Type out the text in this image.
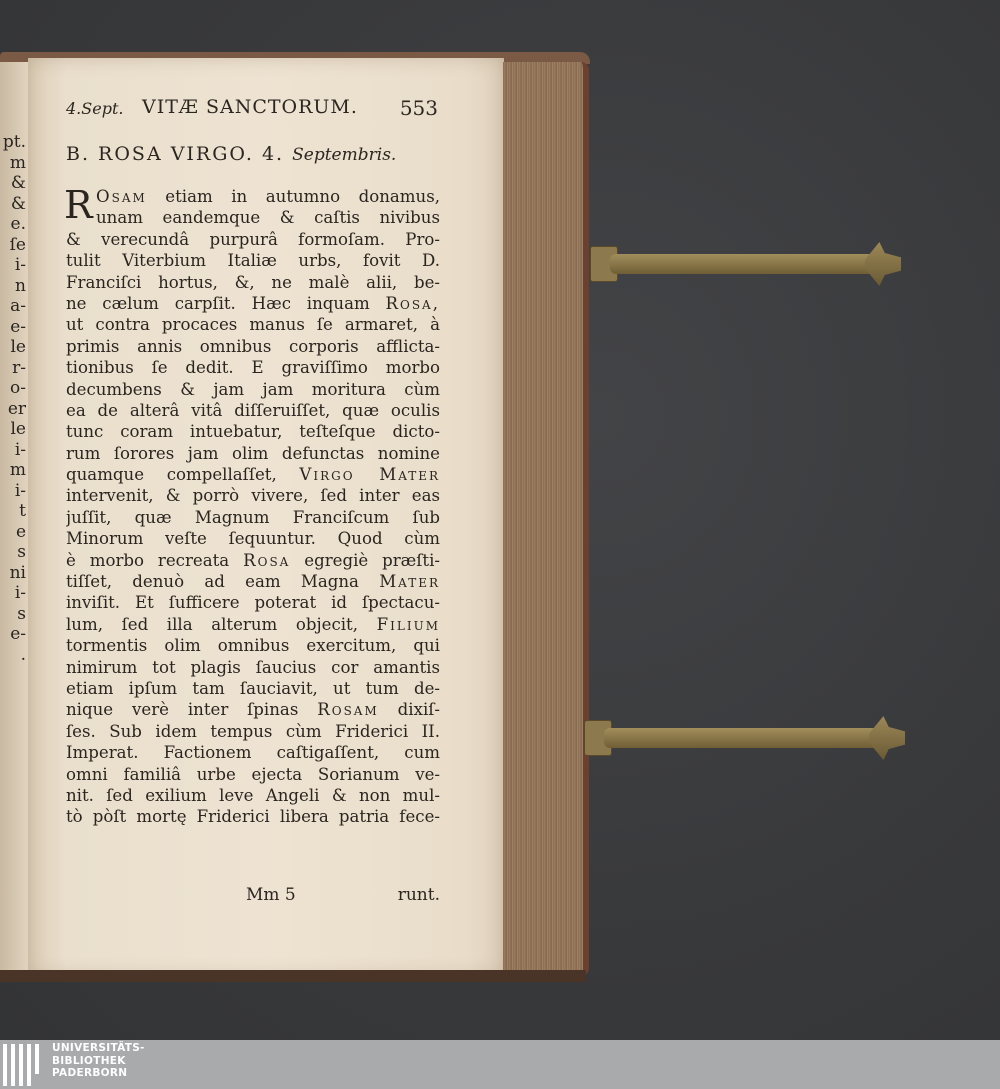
pt.
m
&
&
e.
ſe
i-
n
a-
e-
le
r-
o-
er
le
i-
m
i-
t
e
s
ni
i-
s
e-
.
4.Sept. VITÆ SANCTORUM. 553
B. ROSA VIRGO. 4. Septembris.
R Osam etiam in autumno donamus,
unam eandemque & caſtis nivibus
& verecundâ purpurâ formoſam. Pro-
tulit Viterbium Italiæ urbs, fovit D.
Franciſci hortus, &, ne malè alii, be-
ne cælum carpſit. Hæc inquam Rosa,
ut contra procaces manus ſe armaret, à
primis annis omnibus corporis afflicta-
tionibus ſe dedit. E graviſſimo morbo
decumbens & jam jam moritura cùm
ea de alterâ vitâ diſſeruiſſet, quæ oculis
tunc coram intuebatur, teſteſque dicto-
rum ſorores jam olim defunctas nomine
quamque compellaſſet, Virgo Mater
intervenit, & porrò vivere, ſed inter eas
juſſit, quæ Magnum Franciſcum ſub
Minorum veſte ſequuntur. Quod cùm
è morbo recreata Rosa egregiè præſti-
tiſſet, denuò ad eam Magna Mater
inviſit. Et ſufficere poterat id ſpectacu-
lum, ſed illa alterum objecit, Filium
tormentis olim omnibus exercitum, qui
nimirum tot plagis ſaucius cor amantis
etiam ipſum tam ſauciavit, ut tum de-
nique verè inter ſpinas Rosam dixiſ-
ſes. Sub idem tempus cùm Friderici II.
Imperat. Factionem caſtigaſſent, cum
omni familiâ urbe ejecta Sorianum ve-
nit. ſed exilium leve Angeli & non mul-
tò pòſt mortę Friderici libera patria fece-
Mm 5	runt.
UNIVERSITÄTS-
BIBLIOTHEK
PADERBORN
